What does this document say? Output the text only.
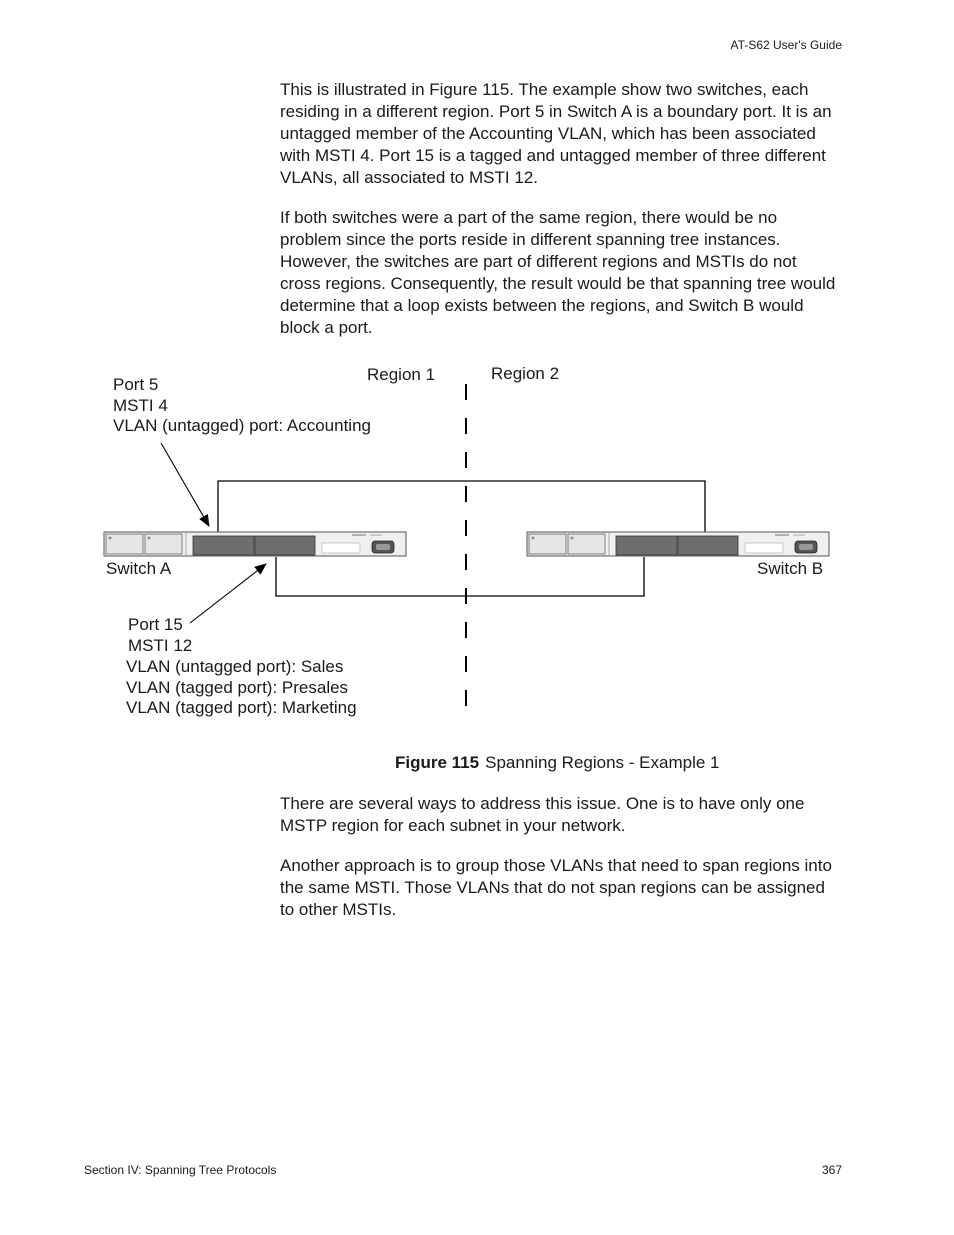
AT-S62 User's Guide

This is illustrated in Figure 115. The example show two switches, each residing in a different region. Port 5 in Switch A is a boundary port. It is an untagged member of the Accounting VLAN, which has been associated with MSTI 4. Port 15 is a tagged and untagged member of three different VLANs, all associated to MSTI 12.

If both switches were a part of the same region, there would be no problem since the ports reside in different spanning tree instances. However, the switches are part of different regions and MSTIs do not cross regions. Consequently, the result would be that spanning tree would determine that a loop exists between the regions, and Switch B would block a port.

Region 1	Region 2
Port 5
MSTI 4
VLAN (untagged) port: Accounting
Switch A	Switch B
Port 15
MSTI 12
VLAN (untagged port): Sales
VLAN (tagged port): Presales
VLAN (tagged port): Marketing
Figure 115 Spanning Regions - Example 1

There are several ways to address this issue. One is to have only one MSTP region for each subnet in your network.

Another approach is to group those VLANs that need to span regions into the same MSTI. Those VLANs that do not span regions can be assigned to other MSTIs.

Section IV: Spanning Tree Protocols	367
